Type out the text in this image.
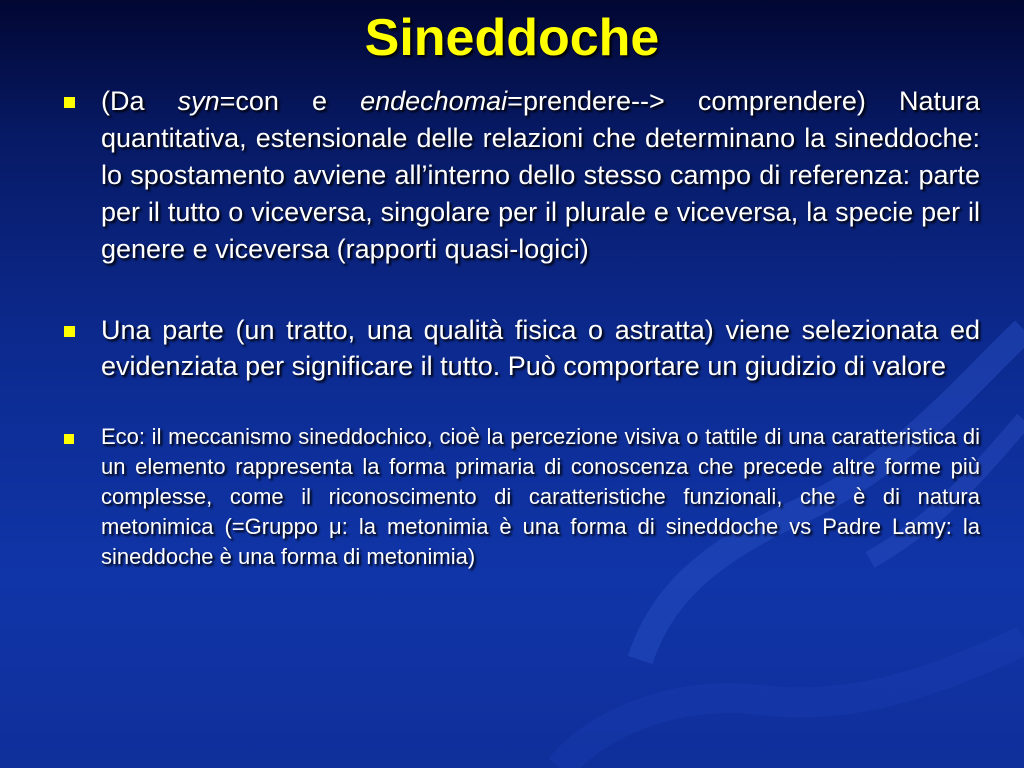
Sineddoche
(Da syn=con e endechomai=prendere--> comprendere) Natura quantitativa, estensionale delle relazioni che determinano la sineddoche: lo spostamento avviene all’interno dello stesso campo di referenza: parte per il tutto o viceversa, singolare per il plurale e viceversa, la specie per il genere e viceversa (rapporti quasi-logici)
Una parte (un tratto, una qualità fisica o astratta) viene selezionata ed evidenziata per significare il tutto. Può comportare un giudizio di valore
Eco: il meccanismo sineddochico, cioè la percezione visiva o tattile di una caratteristica di un elemento rappresenta la forma primaria di conoscenza che precede altre forme più complesse, come il riconoscimento di caratteristiche funzionali, che è di natura metonimica (=Gruppo μ: la metonimia è una forma di sineddoche vs Padre Lamy: la sineddoche è una forma di metonimia)
